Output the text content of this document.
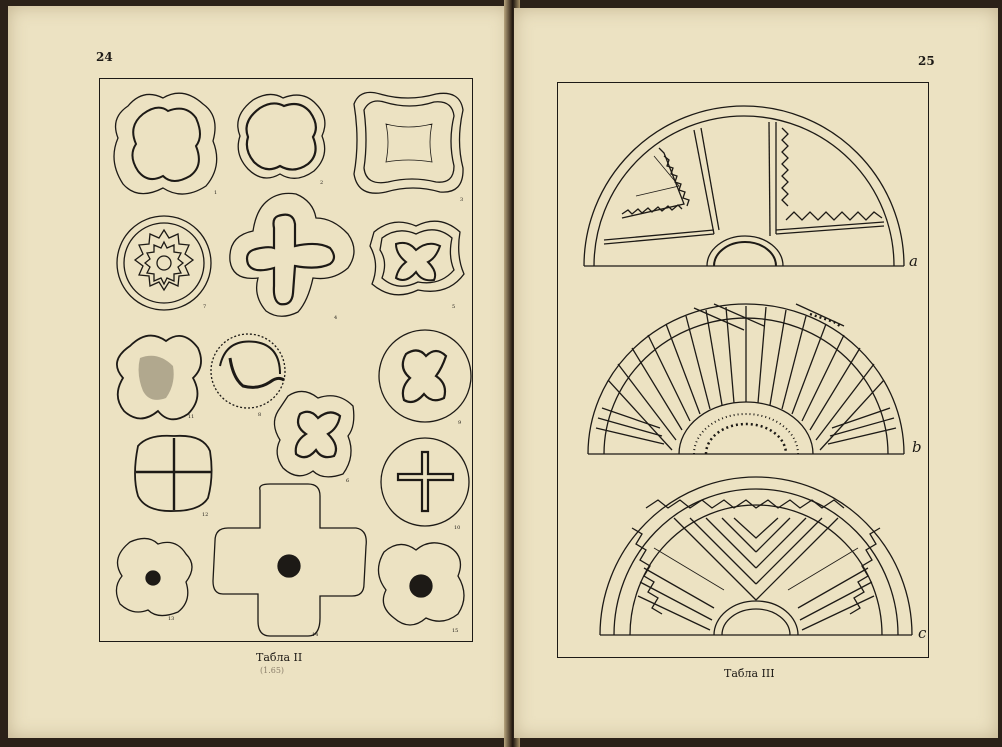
24
1
2
3
7
4
5
11	8
9
6
12
10
13
14
15
Табла II
(1.65)
25
a
b
c
Табла III
